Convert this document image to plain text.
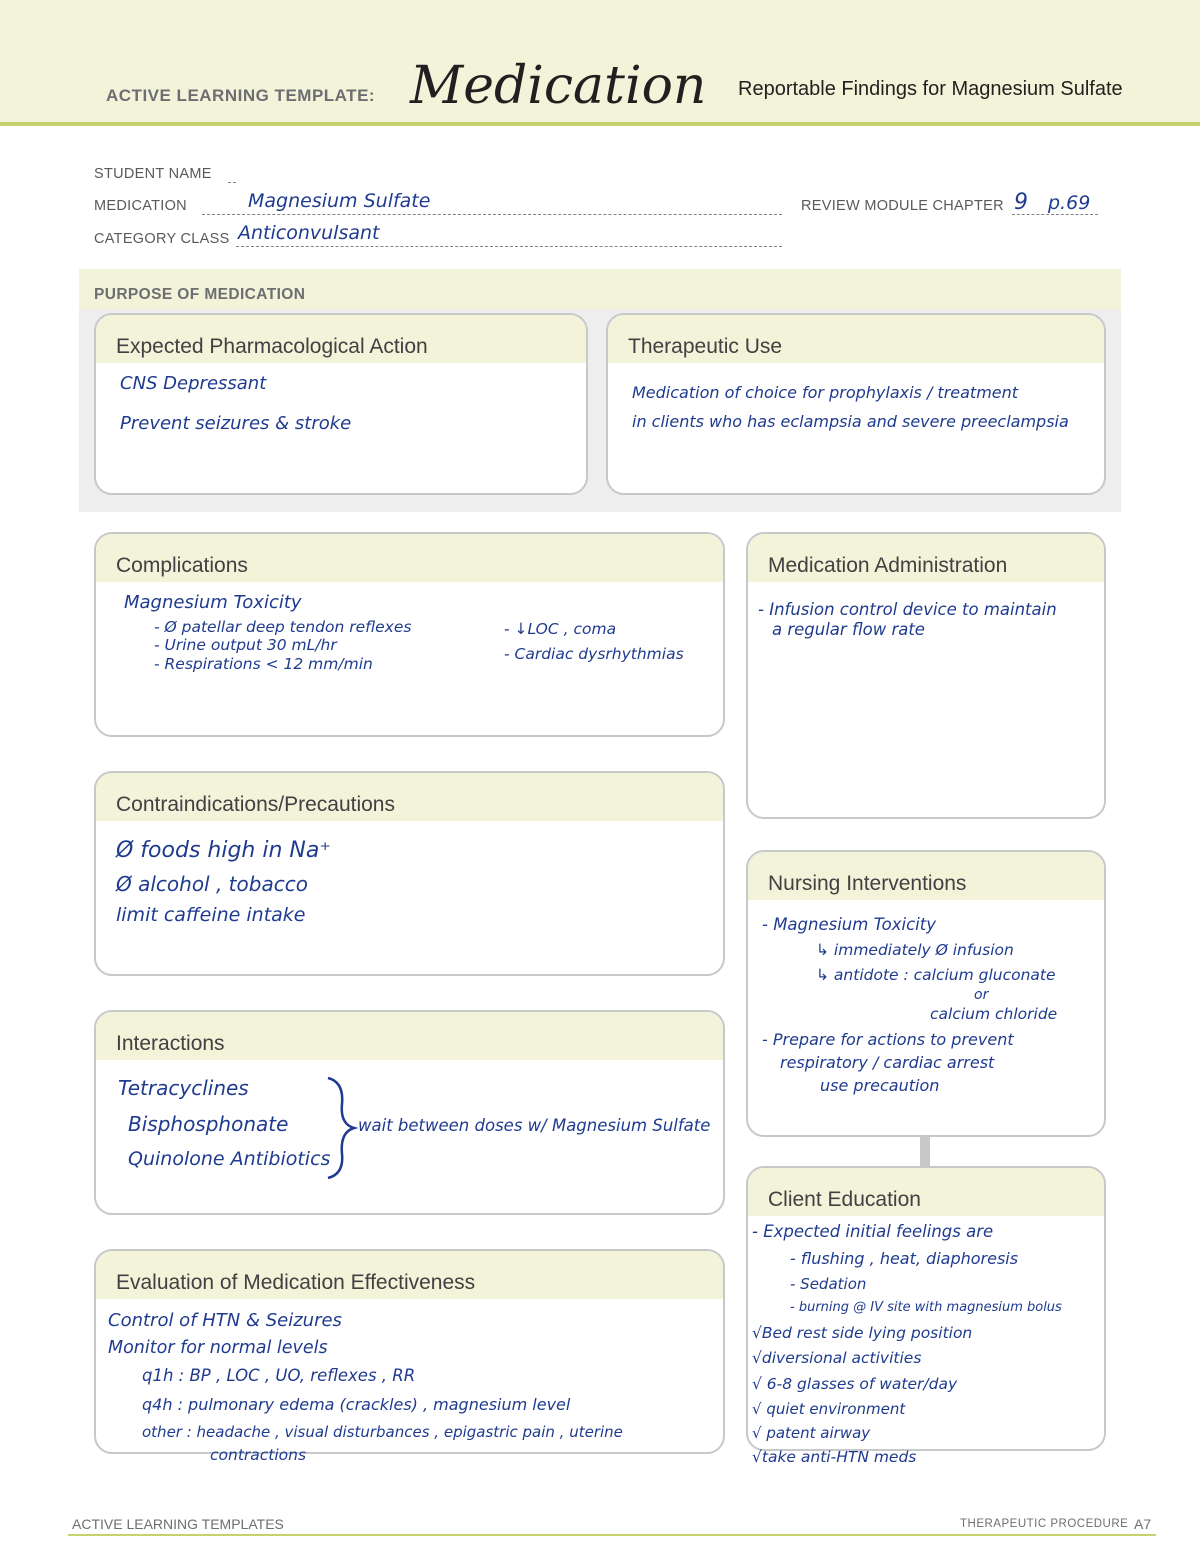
ACTIVE LEARNING TEMPLATE: Medication Reportable Findings for Magnesium Sulfate
STUDENT NAME
MEDICATION	Magnesium Sulfate	REVIEW MODULE CHAPTER 9 p.69
CATEGORY CLASS Anticonvulsant
PURPOSE OF MEDICATION
Expected Pharmacological Action
CNS Depressant
Prevent seizures & stroke
Therapeutic Use
Medication of choice for prophylaxis / treatment
in clients who has eclampsia and severe preeclampsia
Complications
Magnesium Toxicity
- Ø patellar deep tendon reflexes
- Urine output 30 mL/hr
- Respirations < 12 mm/min
- ↓LOC , coma
- Cardiac dysrhythmias
Medication Administration
- Infusion control device to maintain
a regular flow rate
Contraindications/Precautions
Ø foods high in Na⁺
Ø alcohol , tobacco
limit caffeine intake
Nursing Interventions
- Magnesium Toxicity
↳ immediately Ø infusion
↳ antidote : calcium gluconate
or
calcium chloride
- Prepare for actions to prevent
respiratory / cardiac arrest
use precaution
Interactions
Tetracyclines
Bisphosphonate
Quinolone Antibiotics
wait between doses w/ Magnesium Sulfate
Client Education
- Expected initial feelings are
- flushing , heat, diaphoresis
- Sedation
- burning @ IV site with magnesium bolus
√Bed rest side lying position
√diversional activities
√ 6-8 glasses of water/day
√ quiet environment
√ patent airway
√take anti-HTN meds
Evaluation of Medication Effectiveness
Control of HTN & Seizures
Monitor for normal levels
q1h : BP , LOC , UO, reflexes , RR
q4h : pulmonary edema (crackles) , magnesium level
other : headache , visual disturbances , epigastric pain , uterine
contractions
ACTIVE LEARNING TEMPLATES	THERAPEUTIC PROCEDURE A7
